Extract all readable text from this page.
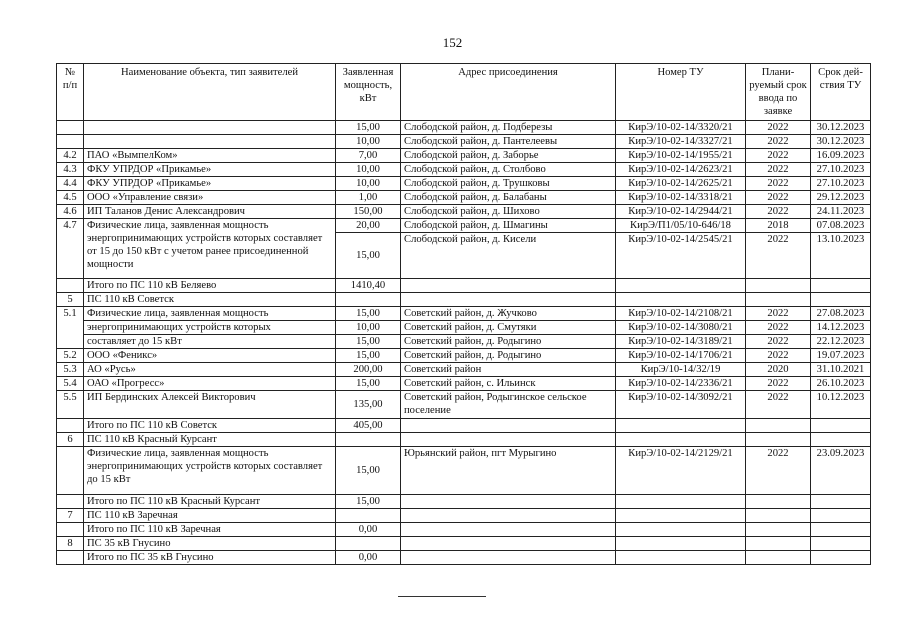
152
№ п/п	Наименование объекта, тип заявителей	Заявленная мощность, кВт	Адрес присоединения	Номер ТУ	Плани-руемый срок ввода по заявке	Срок дей-ствия ТУ
		15,00	Слободской район, д. Подберезы	КирЭ/10-02-14/3320/21	2022	30.12.2023
		10,00	Слободской район, д. Пантелеевы	КирЭ/10-02-14/3327/21	2022	30.12.2023
4.2	ПАО «ВымпелКом»	7,00	Слободской район, д. Заборье	КирЭ/10-02-14/1955/21	2022	16.09.2023
4.3	ФКУ УПРДОР «Прикамье»	10,00	Слободской район, д. Столбово	КирЭ/10-02-14/2623/21	2022	27.10.2023
4.4	ФКУ УПРДОР «Прикамье»	10,00	Слободской район, д. Трушковы	КирЭ/10-02-14/2625/21	2022	27.10.2023
4.5	ООО «Управление связи»	1,00	Слободской район, д. Балабаны	КирЭ/10-02-14/3318/21	2022	29.12.2023
4.6	ИП Таланов Денис Александрович	150,00	Слободской район, д. Шихово	КирЭ/10-02-14/2944/21	2022	24.11.2023
4.7	Физические лица, заявленная мощность энергопринимающих устройств которых составляет от 15 до 150 кВт с учетом ранее присоединенной мощности	20,00	Слободской район, д. Шмагины	КирЭ/П1/05/10-646/18	2018	07.08.2023
		15,00	Слободской район, д. Кисели	КирЭ/10-02-14/2545/21	2022	13.10.2023
	Итого по ПС 110 кВ Беляево	1410,40				
5	ПС 110 кВ Советск					
5.1	Физические лица, заявленная мощность	15,00	Советский район, д. Жучково	КирЭ/10-02-14/2108/21	2022	27.08.2023
	энергопринимающих устройств которых	10,00	Советский район, д. Смутяки	КирЭ/10-02-14/3080/21	2022	14.12.2023
	составляет до 15 кВт	15,00	Советский район, д. Родыгино	КирЭ/10-02-14/3189/21	2022	22.12.2023
5.2	ООО «Феникс»	15,00	Советский район, д. Родыгино	КирЭ/10-02-14/1706/21	2022	19.07.2023
5.3	АО «Русь»	200,00	Советский район	КирЭ/10-14/32/19	2020	31.10.2021
5.4	ОАО «Прогресс»	15,00	Советский район, с. Ильинск	КирЭ/10-02-14/2336/21	2022	26.10.2023
5.5	ИП Бердинских Алексей Викторович	135,00	Советский район, Родыгинское сельское поселение	КирЭ/10-02-14/3092/21	2022	10.12.2023
	Итого по ПС 110 кВ Советск	405,00				
6	ПС 110 кВ Красный Курсант					
	Физические лица, заявленная мощность энергопринимающих устройств которых составляет до 15 кВт	15,00	Юрьянский район, пгт Мурыгино	КирЭ/10-02-14/2129/21	2022	23.09.2023
	Итого по ПС 110 кВ Красный Курсант	15,00				
7	ПС 110 кВ Заречная					
	Итого по ПС 110 кВ Заречная	0,00				
8	ПС 35 кВ Гнусино					
	Итого по ПС 35 кВ Гнусино	0,00				
